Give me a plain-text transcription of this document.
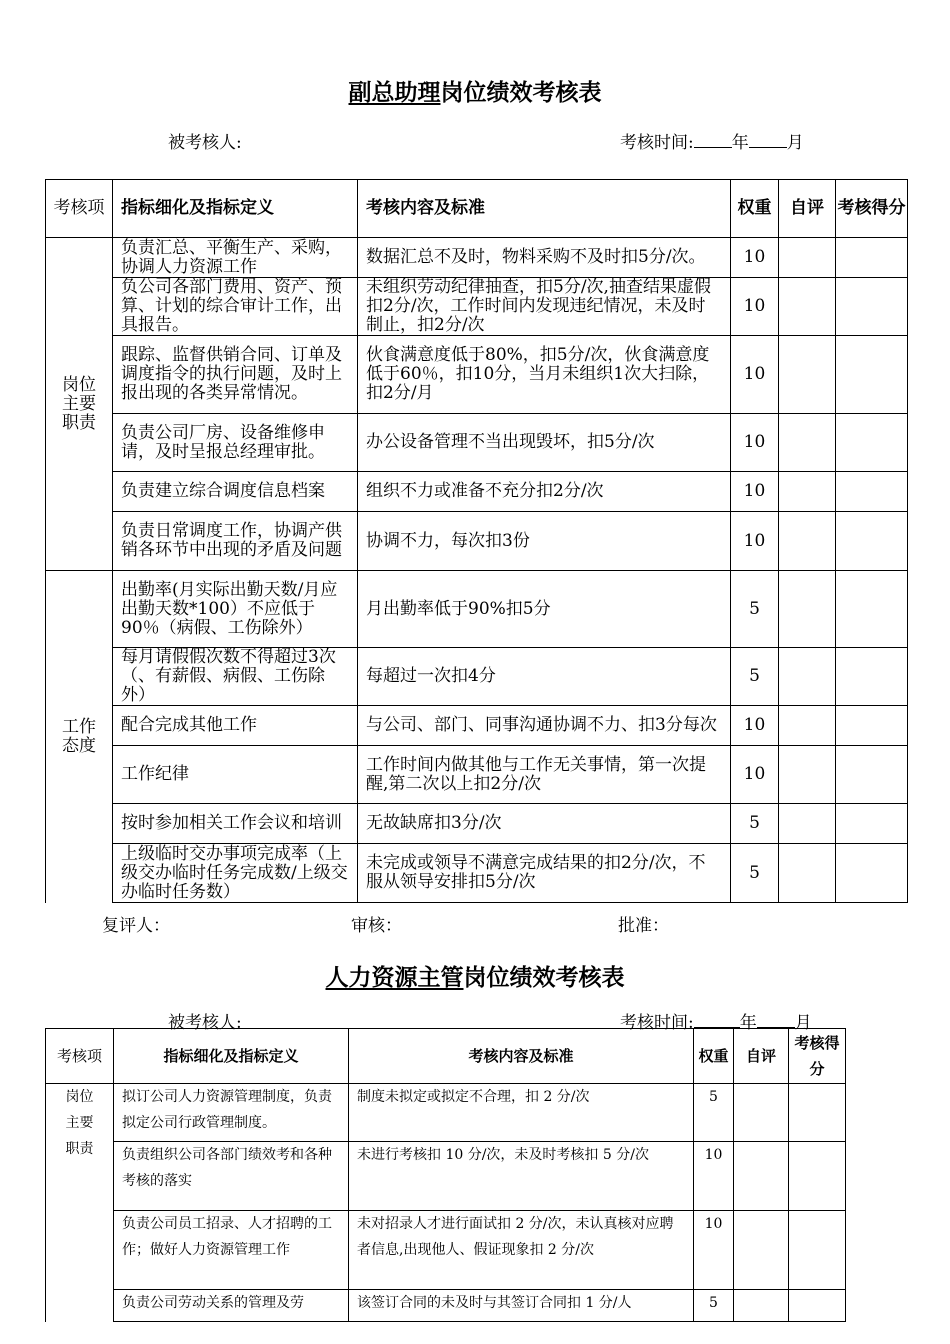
副总助理岗位绩效考核表
被考核人:	考核时间: 年 月
考核项	指标细化及指标定义	考核内容及标准	权重	自评	考核得分
岗位主要职责	负责汇总、平衡生产、采购，协调人力资源工作	数据汇总不及时，物料采购不及时扣5分/次。	10		
	负公司各部门费用、资产、预算、计划的综合审计工作，出具报告。	未组织劳动纪律抽查，扣5分/次,抽查结果虚假扣2分/次，工作时间内发现违纪情况，未及时制止，扣2分/次	10		
	跟踪、监督供销合同、订单及调度指令的执行问题，及时上报出现的各类异常情况。	伙食满意度低于80%，扣5分/次，伙食满意度低于60％，扣10分，当月未组织1次大扫除，扣2分/月	10		
	负责公司厂房、设备维修申请，及时呈报总经理审批。	办公设备管理不当出现毁坏，扣5分/次	10		
	负责建立综合调度信息档案	组织不力或准备不充分扣2分/次	10		
	负责日常调度工作，协调产供销各环节中出现的矛盾及问题	协调不力，每次扣3份	10		
工作态度	出勤率(月实际出勤天数/月应出勤天数*100）不应低于90％（病假、工伤除外）	月出勤率低于90%扣5分	5		
	每月请假假次数不得超过3次（、有薪假、病假、工伤除外）	每超过一次扣4分	5		
	配合完成其他工作	与公司、部门、同事沟通协调不力、扣3分每次	10		
	工作纪律	工作时间内做其他与工作无关事情，第一次提醒,第二次以上扣2分/次	10		
	按时参加相关工作会议和培训	无故缺席扣3分/次	5		
	上级临时交办事项完成率（上级交办临时任务完成数/上级交办临时任务数）	未完成或领导不满意完成结果的扣2分/次，不服从领导安排扣5分/次	5		
复评人：	审核：	批准：
人力资源主管岗位绩效考核表
被考核人:	考核时间:	年 月
考核项	指标细化及指标定义	考核内容及标准	权重	自评	考核得分
岗位主要职责	拟订公司人力资源管理制度，负责拟定公司行政管理制度。	制度未拟定或拟定不合理，扣 2 分/次	5		
	负责组织公司各部门绩效考和各种考核的落实	未进行考核扣 10 分/次，未及时考核扣 5 分/次	10		
	负责公司员工招录、人才招聘的工作；做好人力资源管理工作	未对招录人才进行面试扣 2 分/次，未认真核对应聘者信息,出现他人、假证现象扣 2 分/次	10		
	负责公司劳动关系的管理及劳	该签订合同的未及时与其签订合同扣 1 分/人	5		
